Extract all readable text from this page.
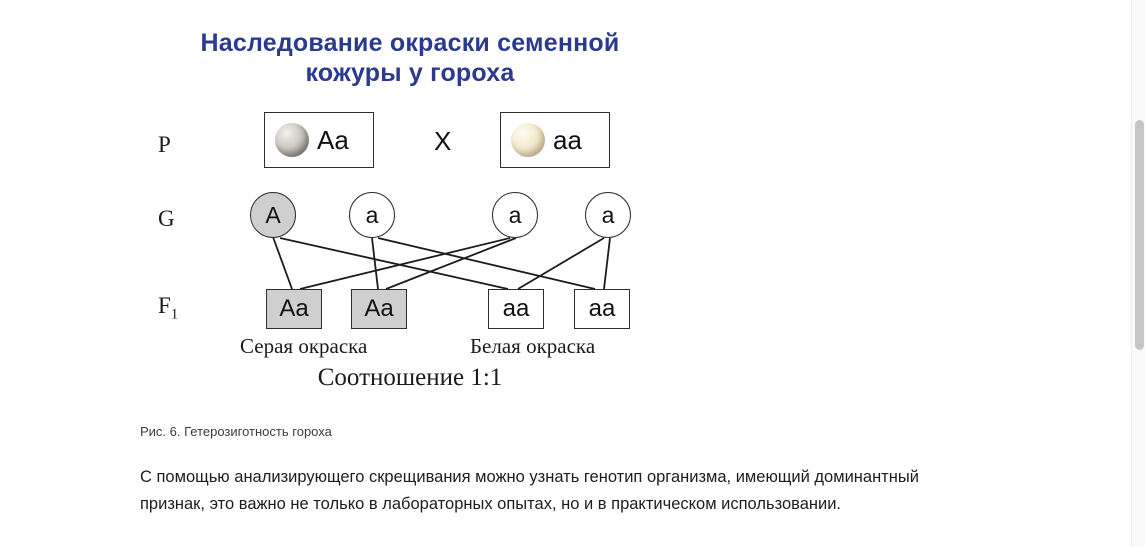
Наследование окраски семенной
кожуры у гороха
P
G
$F_1$
Aa	X	aa
A	a	a	a
Aa	Aa	aa	aa
Серая окраска	Белая окраска
Соотношение 1:1
Рис. 6. Гетерозиготность гороха
С помощью анализирующего скрещивания можно узнать генотип организма, имеющий доминантный признак, это важно не только в лабораторных опытах, но и в практическом использовании.
